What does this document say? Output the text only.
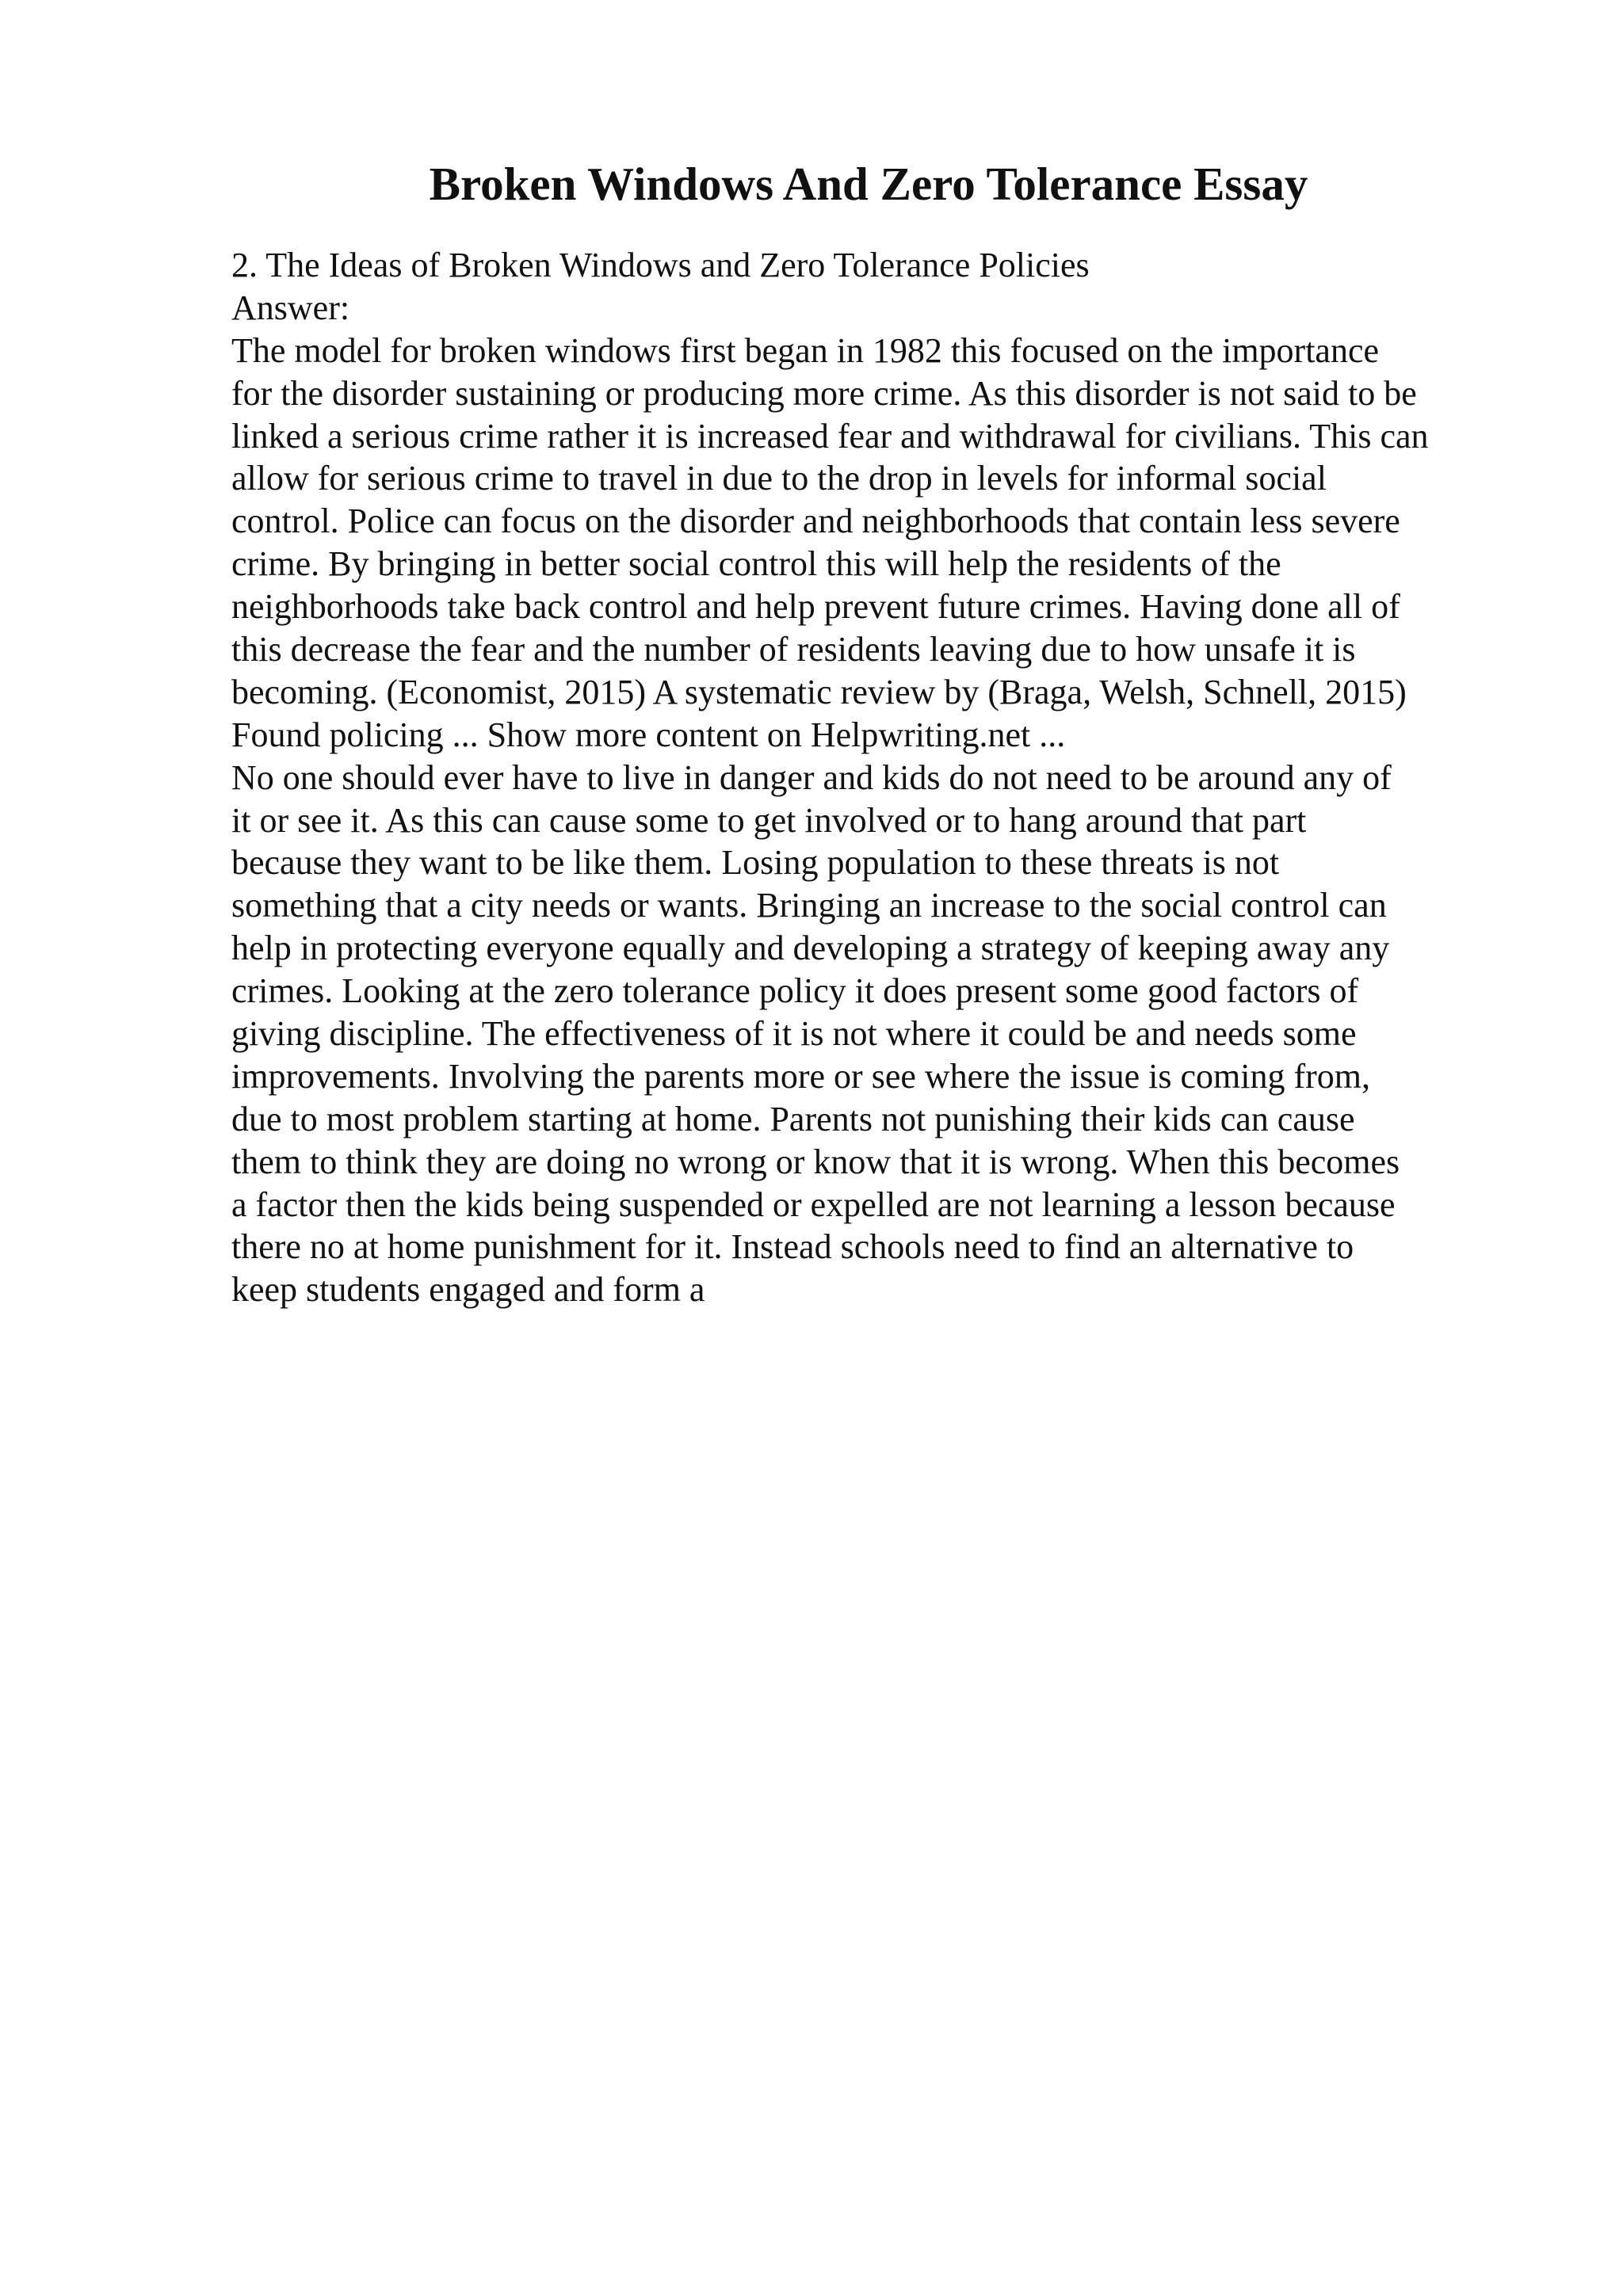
Broken Windows And Zero Tolerance Essay
2. The Ideas of Broken Windows and Zero Tolerance Policies
Answer:
The model for broken windows first began in 1982 this focused on the importance
for the disorder sustaining or producing more crime. As this disorder is not said to be
linked a serious crime rather it is increased fear and withdrawal for civilians. This can
allow for serious crime to travel in due to the drop in levels for informal social
control. Police can focus on the disorder and neighborhoods that contain less severe
crime. By bringing in better social control this will help the residents of the
neighborhoods take back control and help prevent future crimes. Having done all of
this decrease the fear and the number of residents leaving due to how unsafe it is
becoming. (Economist, 2015) A systematic review by (Braga, Welsh, Schnell, 2015)
Found policing ... Show more content on Helpwriting.net ...
No one should ever have to live in danger and kids do not need to be around any of
it or see it. As this can cause some to get involved or to hang around that part
because they want to be like them. Losing population to these threats is not
something that a city needs or wants. Bringing an increase to the social control can
help in protecting everyone equally and developing a strategy of keeping away any
crimes. Looking at the zero tolerance policy it does present some good factors of
giving discipline. The effectiveness of it is not where it could be and needs some
improvements. Involving the parents more or see where the issue is coming from,
due to most problem starting at home. Parents not punishing their kids can cause
them to think they are doing no wrong or know that it is wrong. When this becomes
a factor then the kids being suspended or expelled are not learning a lesson because
there no at home punishment for it. Instead schools need to find an alternative to
keep students engaged and form a
